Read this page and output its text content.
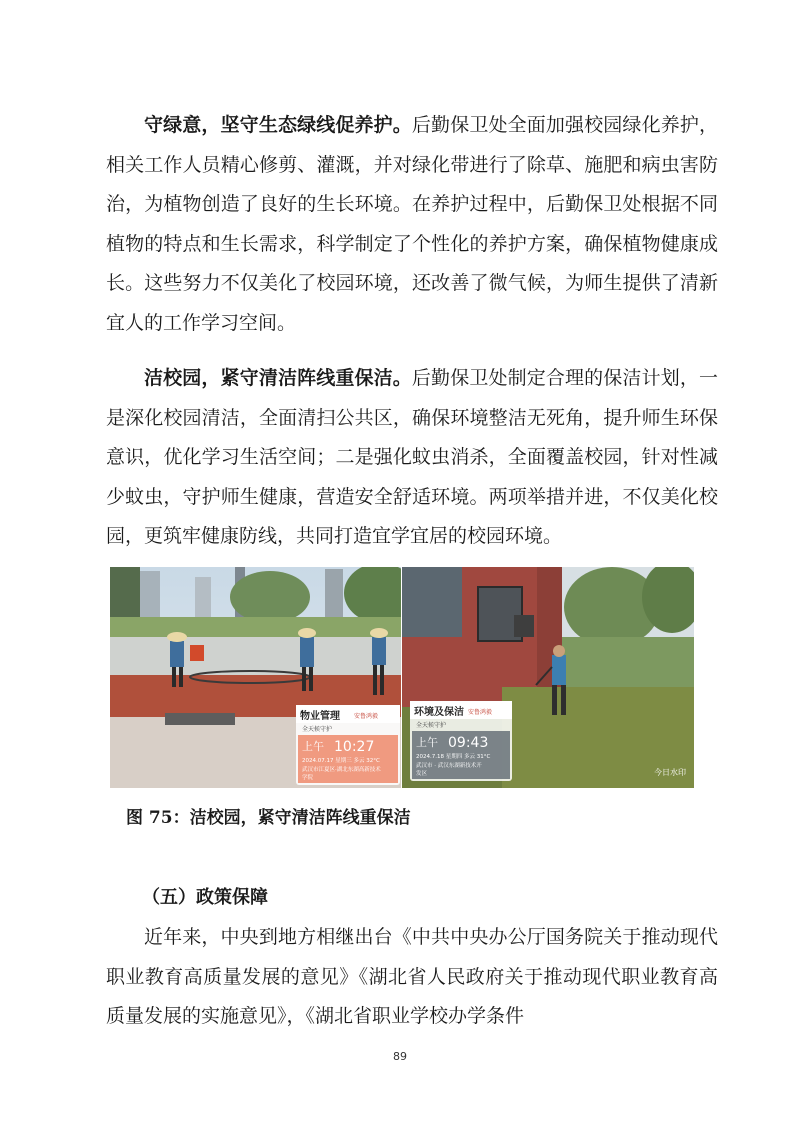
守绿意，坚守生态绿线促养护。后勤保卫处全面加强校园绿化养护，相关工作人员精心修剪、灌溉，并对绿化带进行了除草、施肥和病虫害防治，为植物创造了良好的生长环境。在养护过程中，后勤保卫处根据不同植物的特点和生长需求，科学制定了个性化的养护方案，确保植物健康成长。这些努力不仅美化了校园环境，还改善了微气候，为师生提供了清新宜人的工作学习空间。

洁校园，紧守清洁阵线重保洁。后勤保卫处制定合理的保洁计划，一是深化校园清洁，全面清扫公共区，确保环境整洁无死角，提升师生环保意识，优化学习生活空间；二是强化蚊虫消杀，全面覆盖校园，针对性减少蚊虫，守护师生健康，营造安全舒适环境。两项举措并进，不仅美化校园，更筑牢健康防线，共同打造宜学宜居的校园环境。

物业管理 安鲁鸿毅
全天候守护
上午 10:27
2024.07.17 星期三 多云 32°C
武汉市江夏区·湖北东湖高新技术
学院
环境及保洁 安鲁鸿毅
全天候守护
上午 09:43
2024.7.18 星期四 多云 31°C
武汉市 · 武汉东湖新技术开
发区	今日水印
图 75：洁校园，紧守清洁阵线重保洁
（五）政策保障

近年来，中央到地方相继出台《中共中央办公厅国务院关于推动现代职业教育高质量发展的意见》《湖北省人民政府关于推动现代职业教育高质量发展的实施意见》，《湖北省职业学校办学条件

89
